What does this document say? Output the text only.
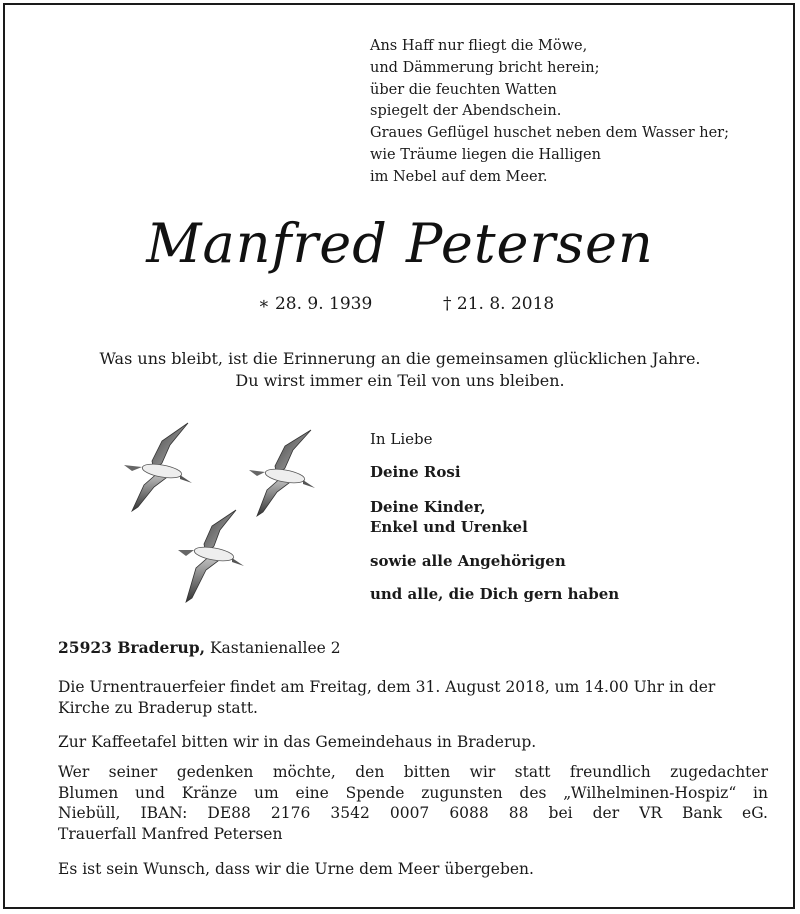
Ans Haff nur fliegt die Möwe,
und Dämmerung bricht herein;
über die feuchten Watten
spiegelt der Abendschein.
Graues Geflügel huschet neben dem Wasser her;
wie Träume liegen die Halligen
im Nebel auf dem Meer.
Manfred Petersen
∗ 28. 9. 1939	† 21. 8. 2018
Was uns bleibt, ist die Erinnerung an die gemeinsamen glücklichen Jahre.
Du wirst immer ein Teil von uns bleiben.
In Liebe
Deine Rosi
Deine Kinder,
Enkel und Urenkel
sowie alle Angehörigen
und alle, die Dich gern haben
25923 Braderup, Kastanienallee 2
Die Urnentrauerfeier findet am Freitag, dem 31. August 2018, um 14.00 Uhr in der
Kirche zu Braderup statt.
Zur Kaffeetafel bitten wir in das Gemeindehaus in Braderup.
Wer seiner gedenken möchte, den bitten wir statt freundlich zugedachter
Blumen und Kränze um eine Spende zugunsten des „Wilhelminen-Hospiz“ in
Niebüll, IBAN: DE88 2176 3542 0007 6088 88 bei der VR Bank eG.
Trauerfall Manfred Petersen
Es ist sein Wunsch, dass wir die Urne dem Meer übergeben.
